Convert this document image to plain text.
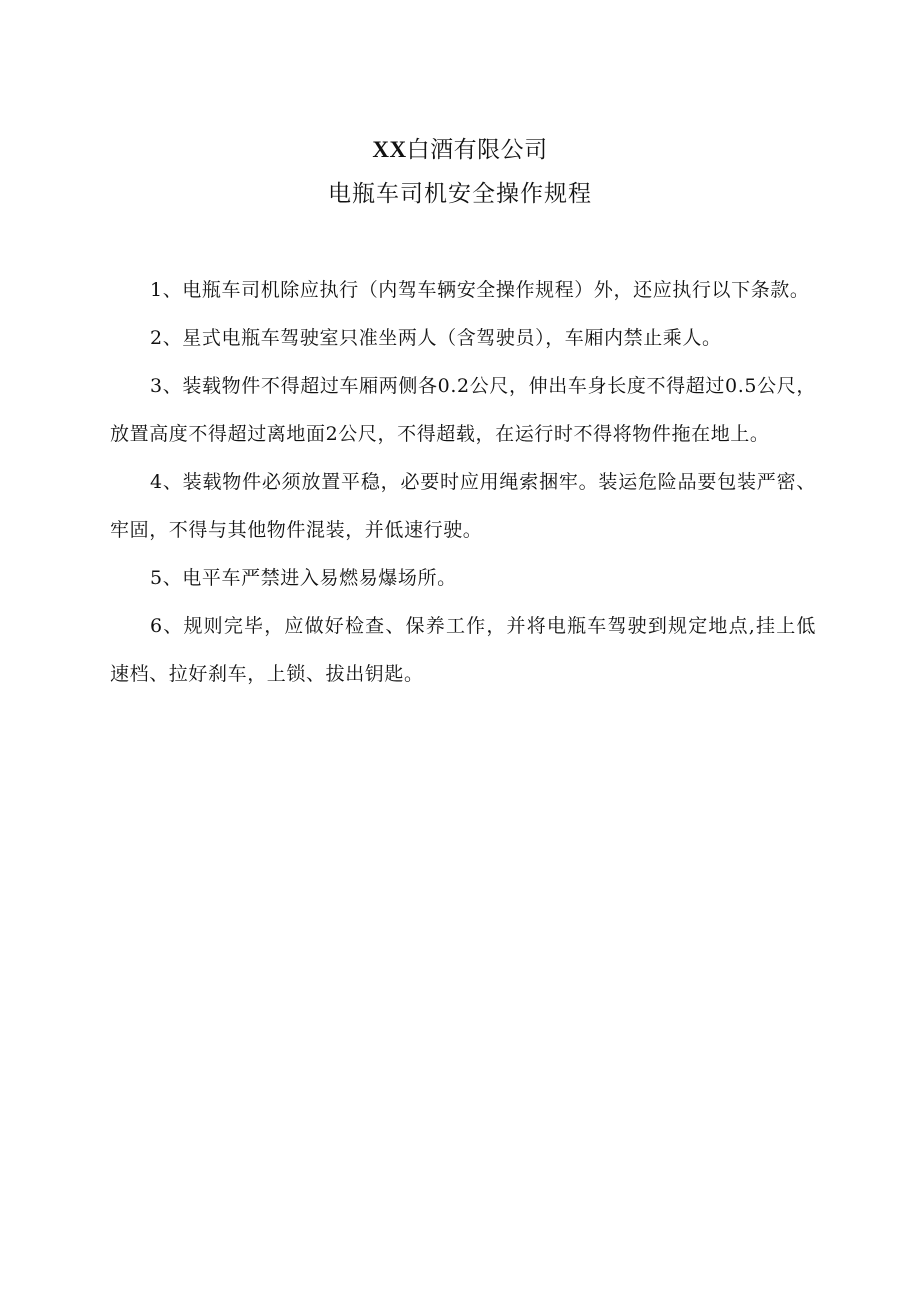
XX白酒有限公司
电瓶车司机安全操作规程

1、电瓶车司机除应执行（内驾车辆安全操作规程）外，还应执行以下条款。

2、星式电瓶车驾驶室只准坐两人（含驾驶员），车厢内禁止乘人。

3、装载物件不得超过车厢两侧各0.2公尺，伸出车身长度不得超过0.5公尺，放置高度不得超过离地面2公尺，不得超载，在运行时不得将物件拖在地上。

4、装载物件必须放置平稳，必要时应用绳索捆牢。装运危险品要包装严密、牢固，不得与其他物件混装，并低速行驶。

5、电平车严禁进入易燃易爆场所。

6、规则完毕，应做好检查、保养工作，并将电瓶车驾驶到规定地点,挂上低速档、拉好刹车，上锁、拔出钥匙。
